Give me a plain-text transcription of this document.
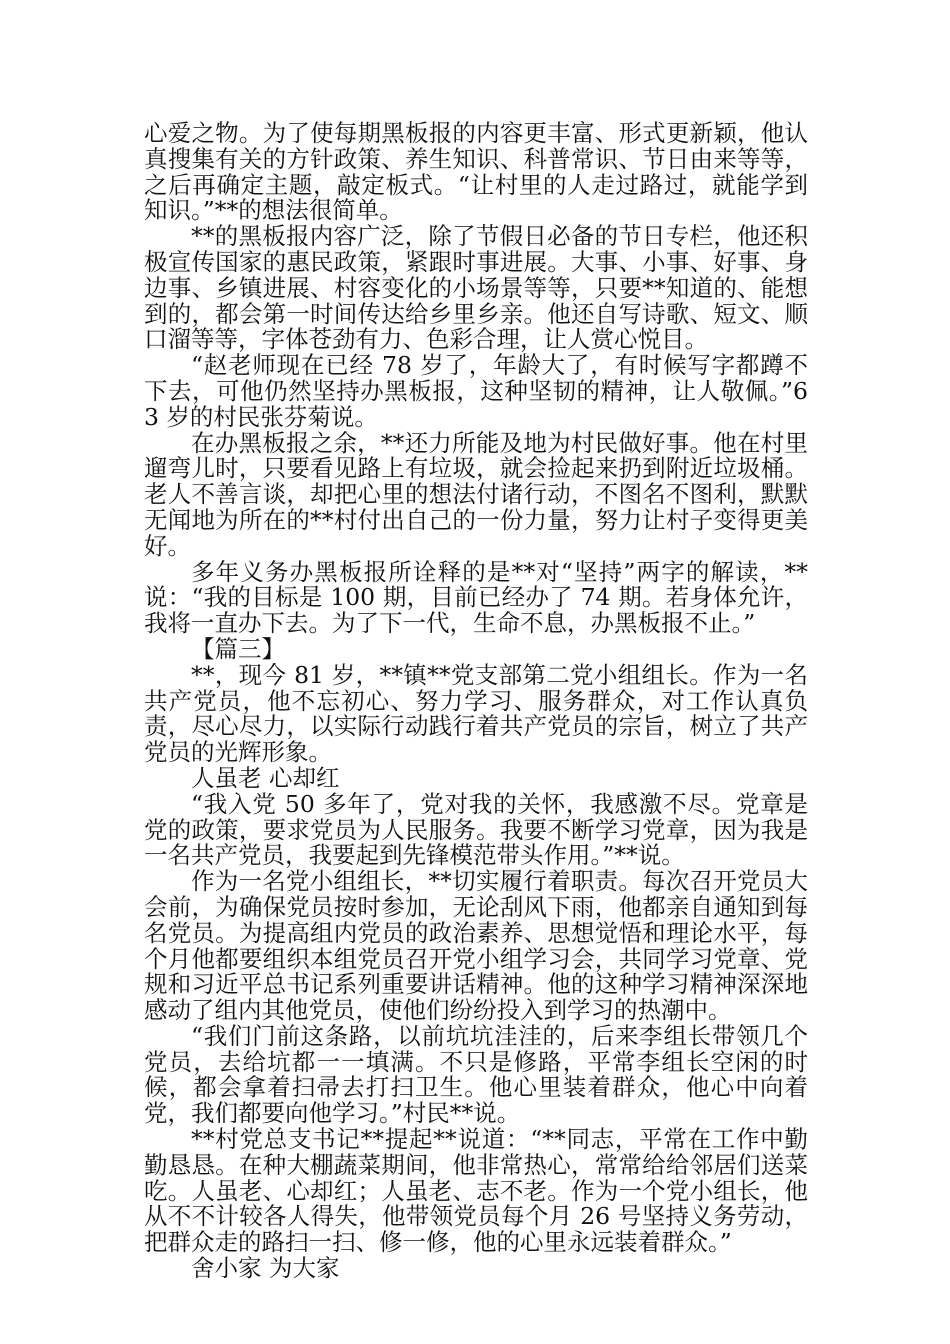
心爱之物。为了使每期黑板报的内容更丰富、形式更新颖，他认真搜集有关的方针政策、养生知识、科普常识、节日由来等等，之后再确定主题，敲定板式。“让村里的人走过路过，就能学到知识。”**的想法很简单。

**的黑板报内容广泛，除了节假日必备的节日专栏，他还积极宣传国家的惠民政策，紧跟时事进展。大事、小事、好事、身边事、乡镇进展、村容变化的小场景等等，只要**知道的、能想到的，都会第一时间传达给乡里乡亲。他还自写诗歌、短文、顺口溜等等，字体苍劲有力、色彩合理，让人赏心悦目。

“赵老师现在已经 78 岁了，年龄大了，有时候写字都蹲不下去，可他仍然坚持办黑板报，这种坚韧的精神，让人敬佩。”63 岁的村民张芬菊说。

在办黑板报之余，**还力所能及地为村民做好事。他在村里遛弯儿时，只要看见路上有垃圾，就会捡起来扔到附近垃圾桶。老人不善言谈，却把心里的想法付诸行动，不图名不图利，默默无闻地为所在的**村付出自己的一份力量，努力让村子变得更美好。

多年义务办黑板报所诠释的是**对“坚持”两字的解读，**说：“我的目标是 100 期，目前已经办了 74 期。若身体允许，我将一直办下去。为了下一代，生命不息，办黑板报不止。”

【篇三】

**，现今 81 岁，**镇**党支部第二党小组组长。作为一名共产党员，他不忘初心、努力学习、服务群众，对工作认真负责，尽心尽力，以实际行动践行着共产党员的宗旨，树立了共产党员的光辉形象。

人虽老 心却红

“我入党 50 多年了，党对我的关怀，我感激不尽。党章是党的政策，要求党员为人民服务。我要不断学习党章，因为我是一名共产党员，我要起到先锋模范带头作用。”**说。

作为一名党小组组长，**切实履行着职责。每次召开党员大会前，为确保党员按时参加，无论刮风下雨，他都亲自通知到每名党员。为提高组内党员的政治素养、思想觉悟和理论水平，每个月他都要组织本组党员召开党小组学习会，共同学习党章、党规和习近平总书记系列重要讲话精神。他的这种学习精神深深地感动了组内其他党员，使他们纷纷投入到学习的热潮中。

“我们门前这条路，以前坑坑洼洼的，后来李组长带领几个党员，去给坑都一一填满。不只是修路，平常李组长空闲的时候，都会拿着扫帚去打扫卫生。他心里装着群众，他心中向着党，我们都要向他学习。”村民**说。

**村党总支书记**提起**说道：“**同志，平常在工作中勤勤恳恳。在种大棚蔬菜期间，他非常热心，常常给给邻居们送菜吃。人虽老、心却红；人虽老、志不老。作为一个党小组长，他从不不计较各人得失，他带领党员每个月 26 号坚持义务劳动，把群众走的路扫一扫、修一修，他的心里永远装着群众。”

舍小家 为大家
